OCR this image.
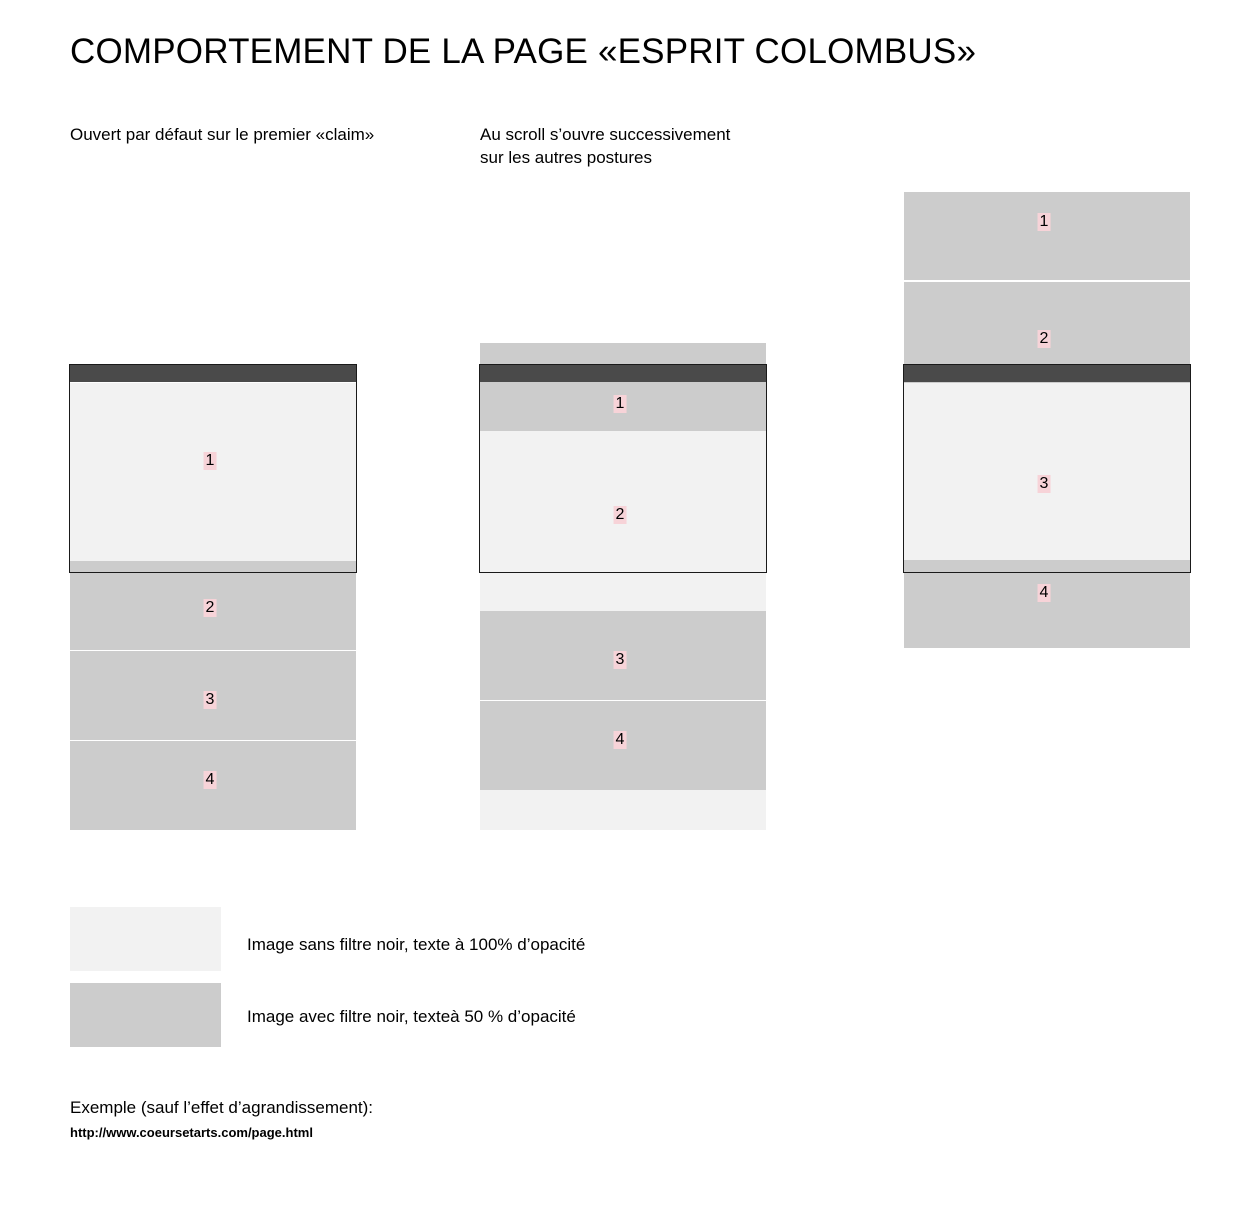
COMPORTEMENT DE LA PAGE «ESPRIT COLOMBUS»
Ouvert par défaut sur le premier «claim»	Au scroll s’ouvre successivement
sur les autres postures
1
2
3
4
1
2
3
4
1
2
3
4
Image sans filtre noir, texte à 100% d’opacité
Image avec filtre noir, texteà 50 % d’opacité
Exemple (sauf l’effet d’agrandissement):
http://www.coeursetarts.com/page.html
